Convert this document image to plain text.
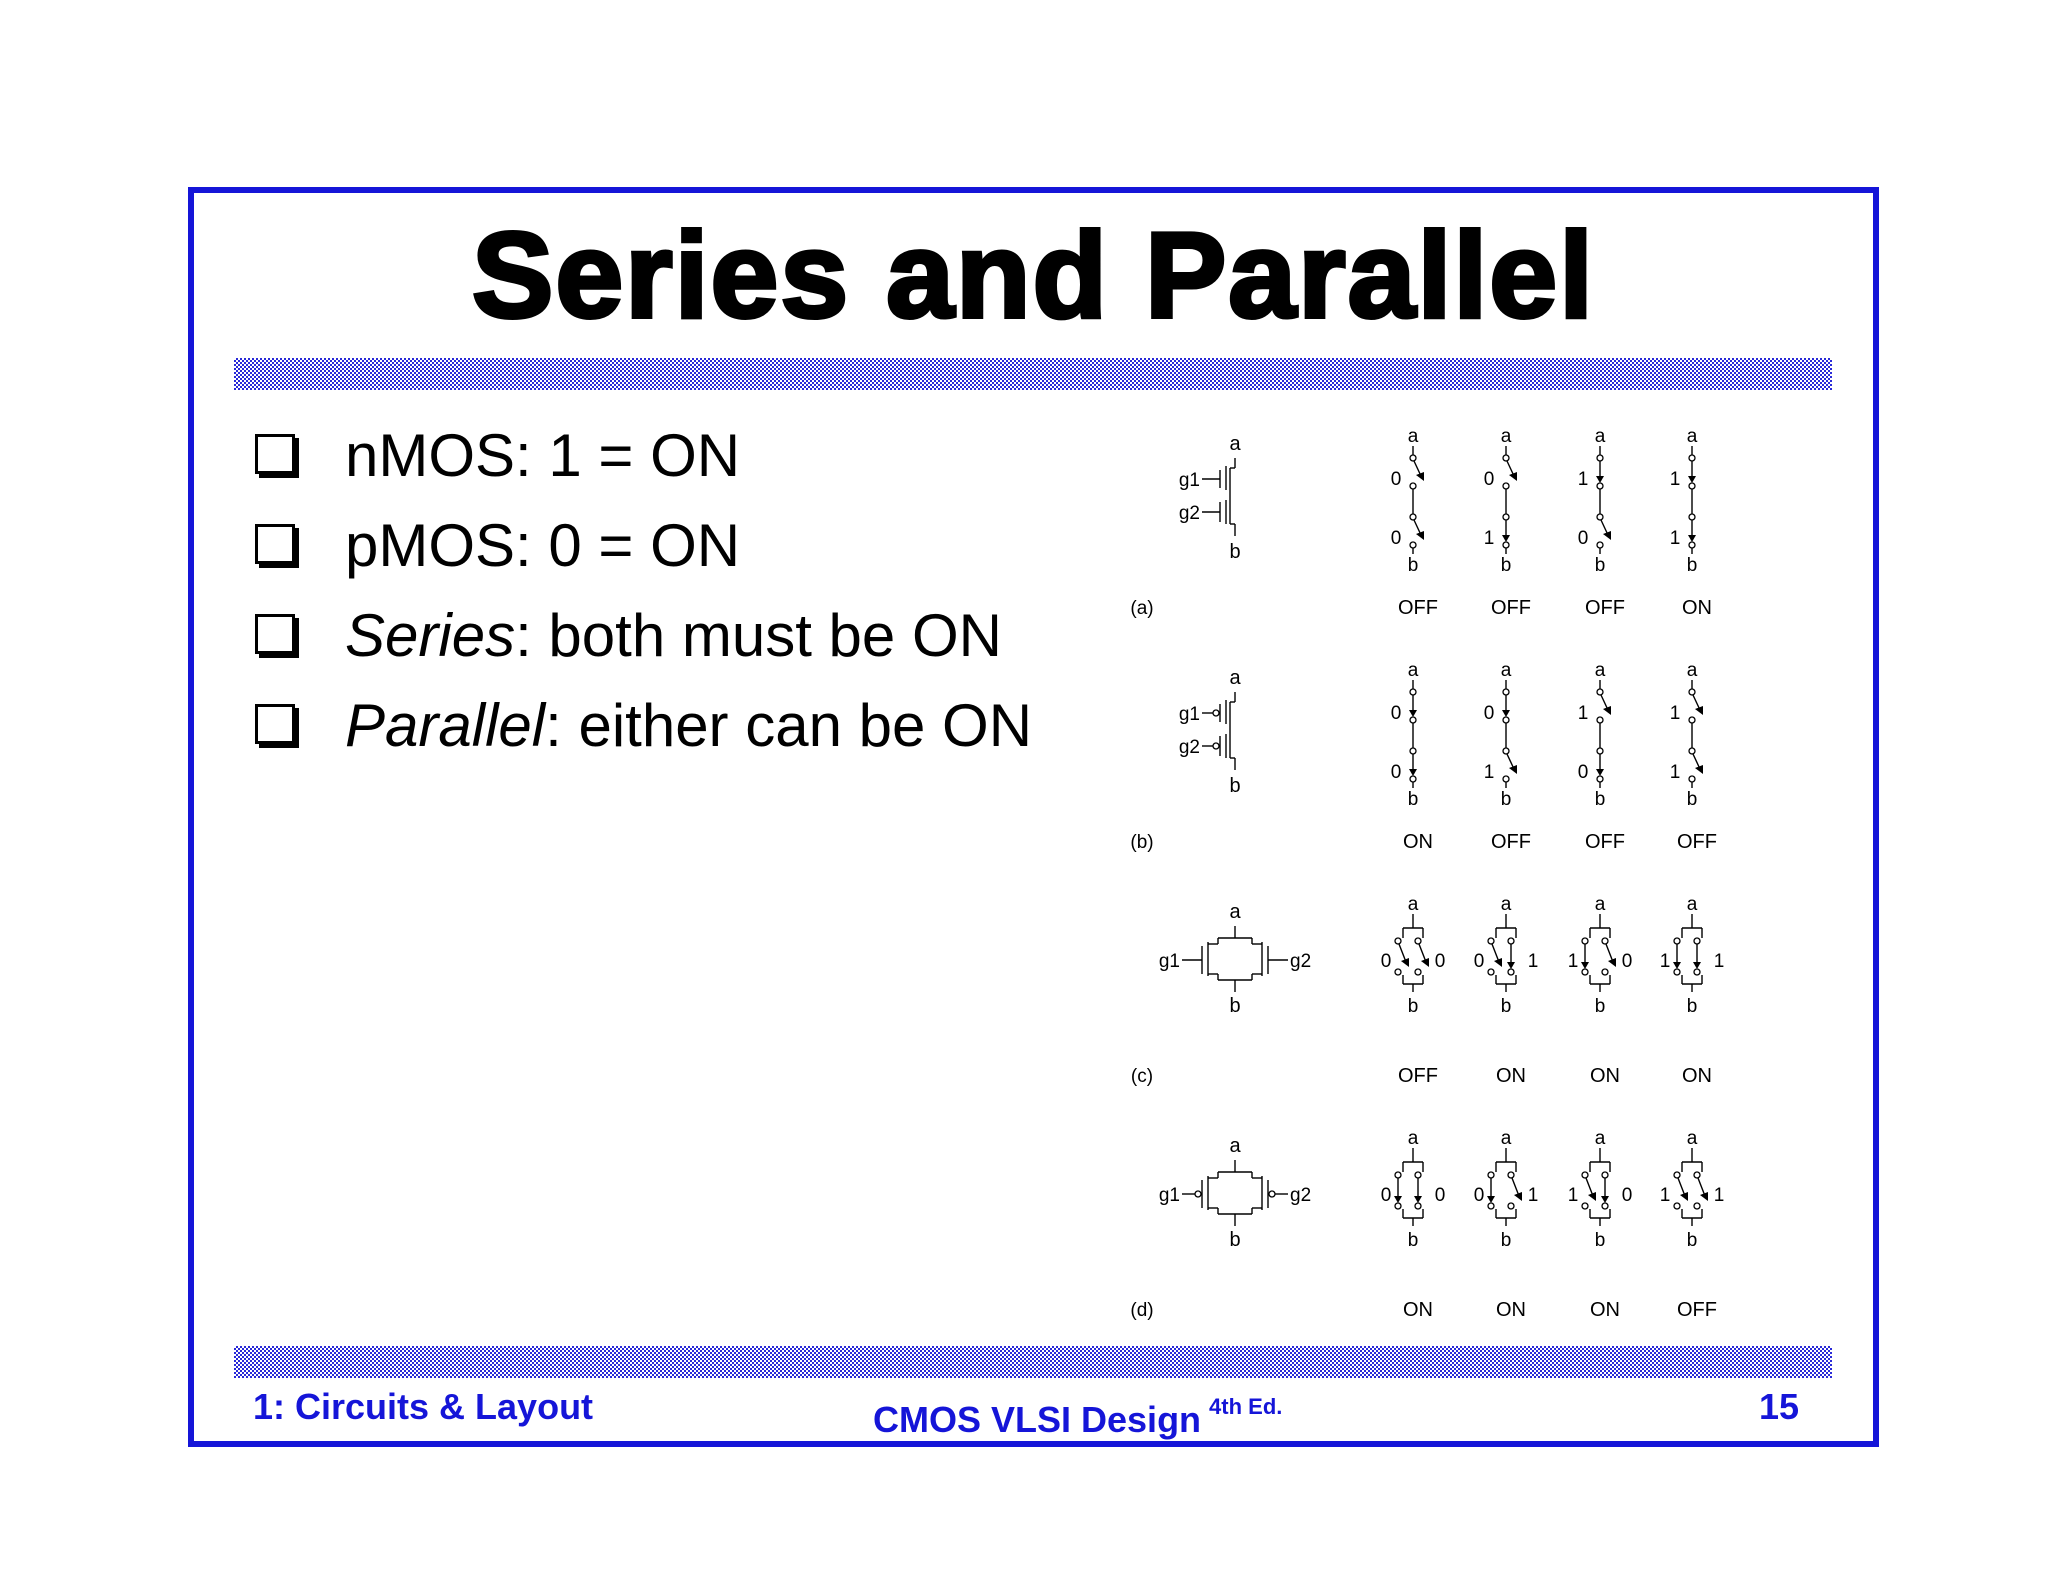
Series and Parallel
nMOS: 1 = ON
pMOS: 0 = ON
Series: both must be ON
Parallel: either can be ON
(a)
a
g1
g2
b
a
b
0
0
OFF
a
b
0
1
OFF
a
b
1
0
OFF
a
b
1
1
ON
(b)
a
g1
g2
b
a
b
0
0
ON
a
b
0
1
OFF
a
b
1
0
OFF
a
b
1
1
OFF
(c)
a
g1	g2
b
a
b
0 0
OFF
a
b
0 1
ON
a
b
1 0
ON
a
b
1 1
ON
(d)
a
g1	g2
b
a
b
0 0
ON
a
b
0 1
ON
a
b
1 0
ON
a
b
1 1
OFF
1: Circuits & Layout	CMOS VLSI Design $^{4th Ed.}$	15
